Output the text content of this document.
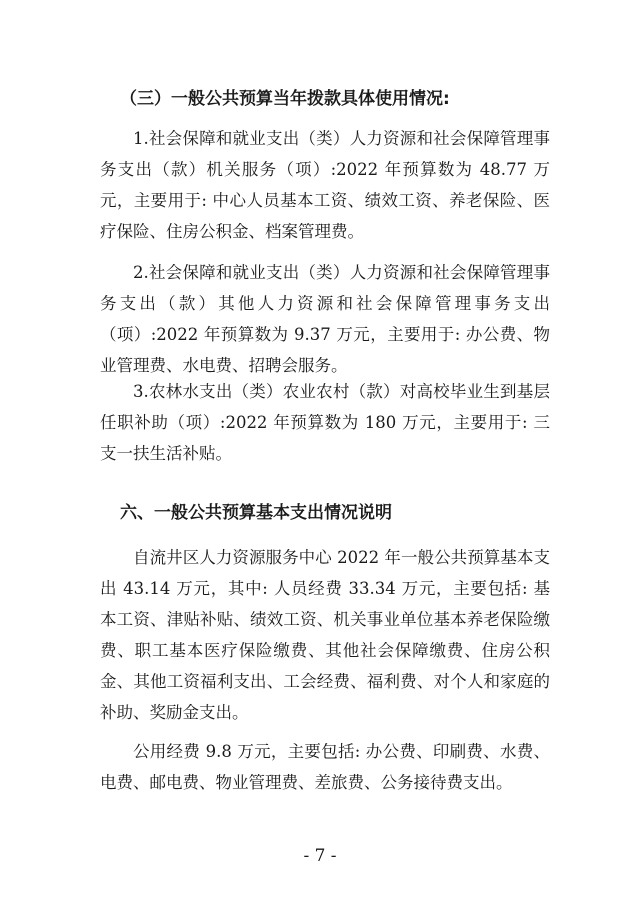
（三）一般公共预算当年拨款具体使用情况:

1.社会保障和就业支出（类）人力资源和社会保障管理事务支出（款）机关服务（项）:2022 年预算数为 48.77 万元，主要用于: 中心人员基本工资、绩效工资、养老保险、医疗保险、住房公积金、档案管理费。

2.社会保障和就业支出（类）人力资源和社会保障管理事务支出（款）其他人力资源和社会保障管理事务支出（项）:2022 年预算数为 9.37 万元，主要用于: 办公费、物业管理费、水电费、招聘会服务。

3.农林水支出（类）农业农村（款）对高校毕业生到基层任职补助（项）:2022 年预算数为 180 万元，主要用于: 三支一扶生活补贴。

六、一般公共预算基本支出情况说明

自流井区人力资源服务中心 2022 年一般公共预算基本支出 43.14 万元，其中: 人员经费 33.34 万元，主要包括: 基本工资、津贴补贴、绩效工资、机关事业单位基本养老保险缴费、职工基本医疗保险缴费、其他社会保障缴费、住房公积金、其他工资福利支出、工会经费、福利费、对个人和家庭的补助、奖励金支出。

公用经费 9.8 万元，主要包括: 办公费、印刷费、水费、电费、邮电费、物业管理费、差旅费、公务接待费支出。

- 7 -
